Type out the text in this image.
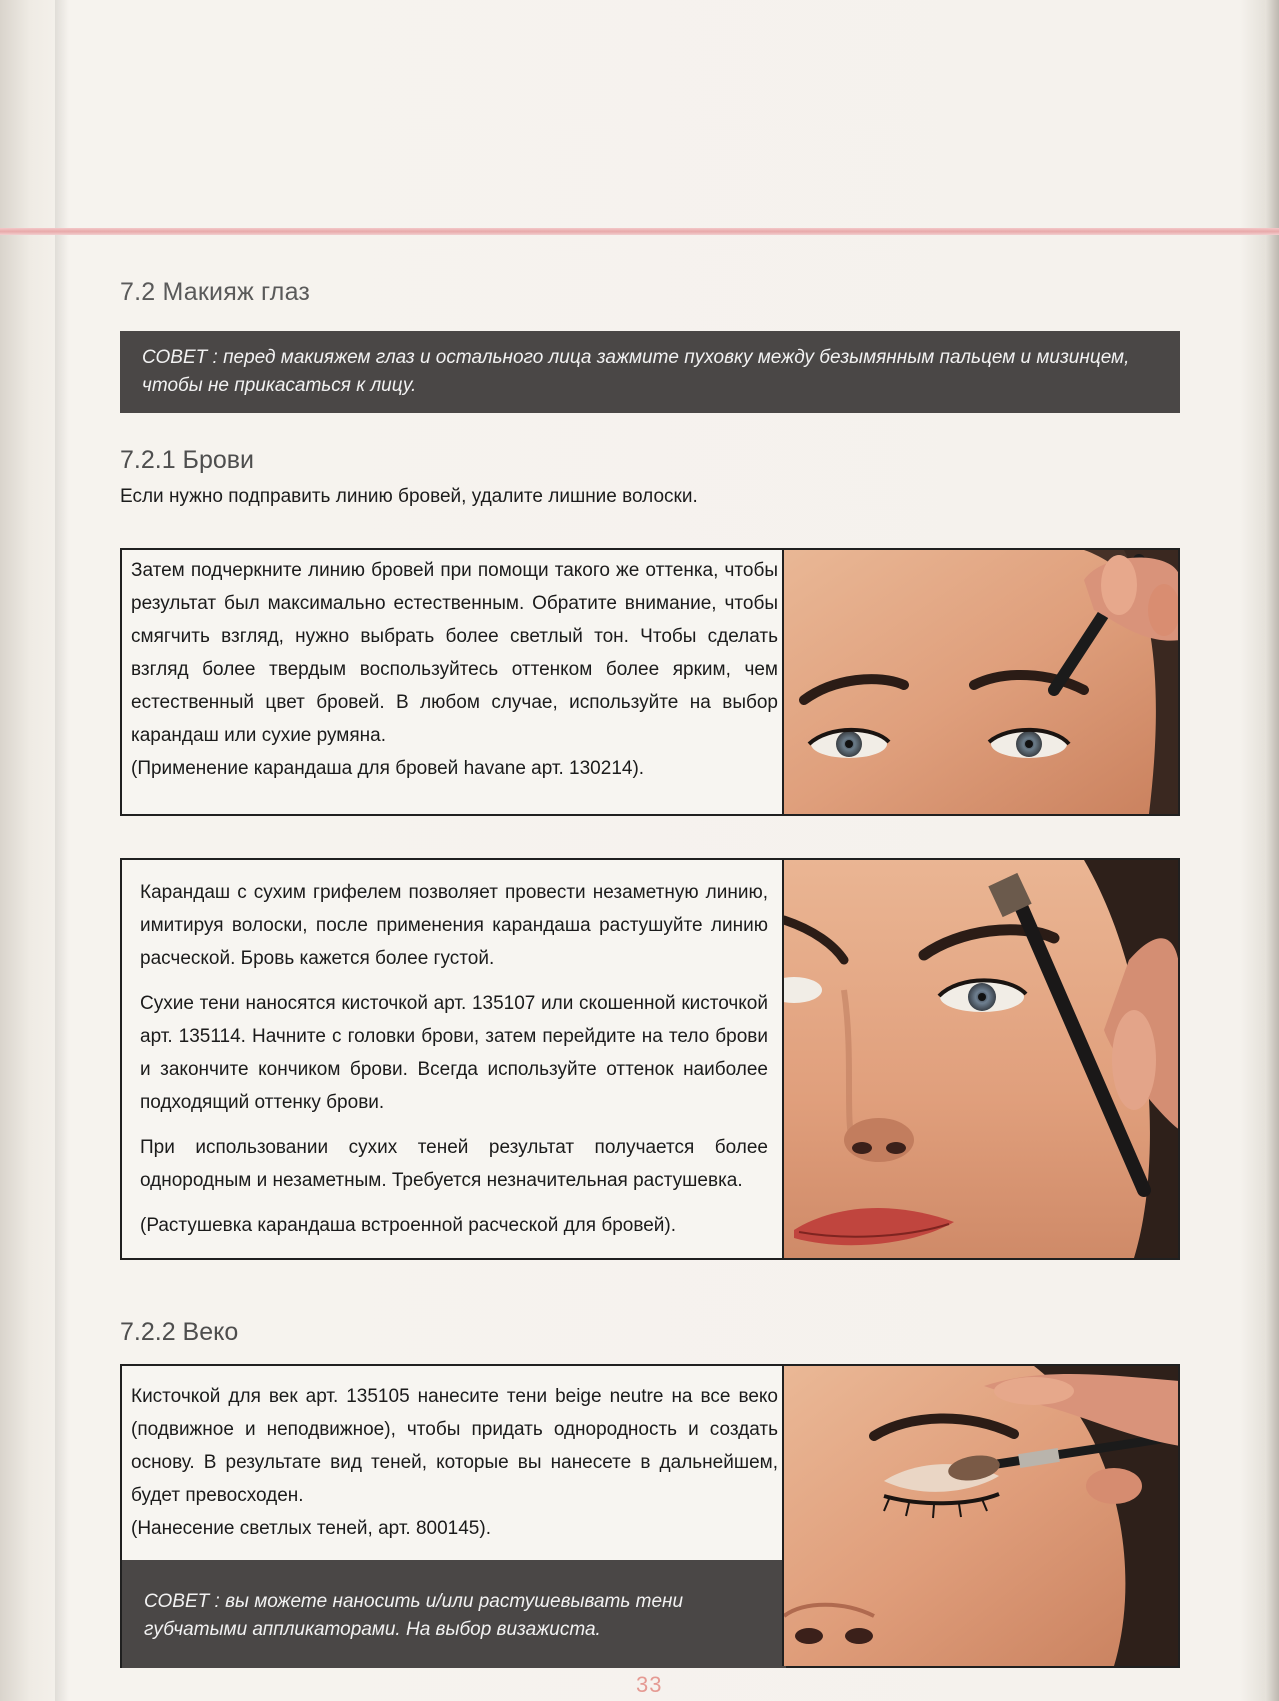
7.2 Макияж глаз
СОВЕТ : перед макияжем глаз и остального лица зажмите пуховку между безымянным пальцем и мизинцем, чтобы не прикасаться к лицу.
7.2.1 Брови

Если нужно подправить линию бровей, удалите лишние волоски.

Затем подчеркните линию бровей при помощи такого же оттенка, чтобы результат был максимально естественным. Обратите внимание, чтобы смягчить взгляд, нужно выбрать более светлый тон. Чтобы сделать взгляд более твердым воспользуйтесь оттенком более ярким, чем естественный цвет бровей. В любом случае, используйте на выбор карандаш или сухие румяна.

(Применение карандаша для бровей havane арт. 130214).

Карандаш с сухим грифелем позволяет провести незаметную линию, имитируя волоски, после применения карандаша растушуйте линию расческой. Бровь кажется более густой.

Сухие тени наносятся кисточкой арт. 135107 или скошенной кисточкой арт. 135114. Начните с головки брови, затем перейдите на тело брови и закончите кончиком брови. Всегда используйте оттенок наиболее подходящий оттенку брови.

При использовании сухих теней результат получается более однородным и незаметным. Требуется незначительная растушевка.

(Растушевка карандаша встроенной расческой для бровей).

7.2.2 Веко

Кисточкой для век арт. 135105 нанесите тени beige neutre на все веко (подвижное и неподвижное), чтобы придать однородность и создать основу. В результате вид теней, которые вы нанесете в дальнейшем, будет превосходен.

(Нанесение светлых теней, арт. 800145).

СОВЕТ : вы можете наносить и/или растушевывать тени губчатыми аппликаторами. На выбор визажиста.
33
